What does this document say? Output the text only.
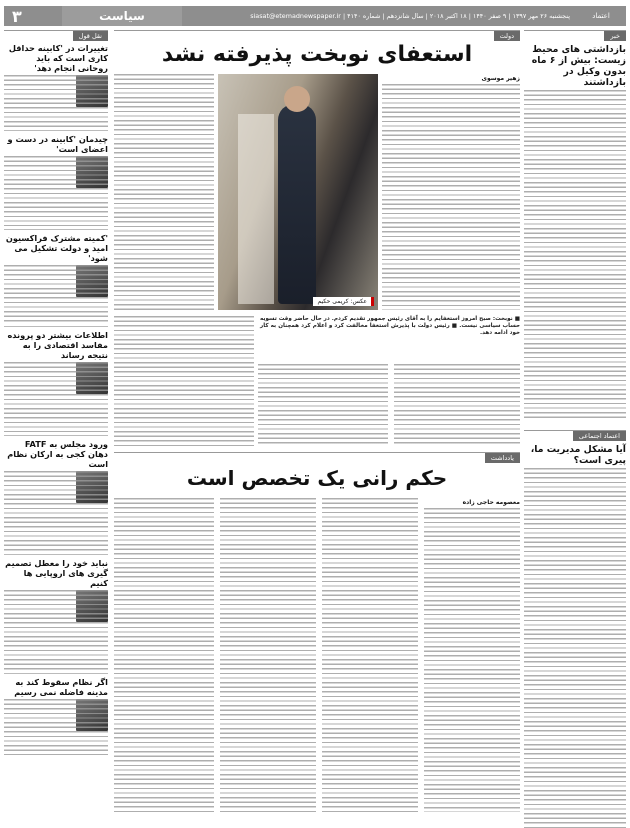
اعتماد
پنجشنبه ۲۶ مهر ۱۳۹۷ | ۹ صفر ۱۴۴۰ | ۱۸ اکتبر ۲۰۱۸ | سال شانزدهم | شماره ۴۱۴۰ | siasat@etemadnewspaper.ir
سیاست
۳
خبر
بازداشتی های محیط زیست: بیش از ۶ ماه بدون وکیل در بازداشتند
اعتماد اجتماعی
آیا مشکل مدیریت ما، پیری است؟
دولت
استعفای نوبخت پذیرفته نشد
زهیر موسوی
عکس: کریمی حکیم
■ نوبخت: صبح امروز استعفایم را به آقای رئیس جمهور تقدیم کردم. در حال حاضر وقت تسویه حساب سیاسی نیست. ■ رئیس دولت با پذیرش استعفا مخالفت کرد و اعلام کرد همچنان به کار خود ادامه دهد.
یادداشت
حکم رانی یک تخصص است
معصومه حاجی زاده
نقل قول
تغییرات در 'کابینه حداقل کاری است که باید روحانی انجام دهد'
چیدمان 'کابینه در دست و اعضای است'
'کمیته مشترک فراکسیون امید و دولت تشکیل می شود'
اطلاعات بیشتر دو پرونده مفاسد اقتصادی را به نتیجه رساند
ورود مجلس به FATF دهان کجی به ارکان نظام است
نباید خود را معطل تصمیم گیری های اروپایی ها کنیم
اگر نظام سقوط کند به مدینه فاضله نمی رسیم
